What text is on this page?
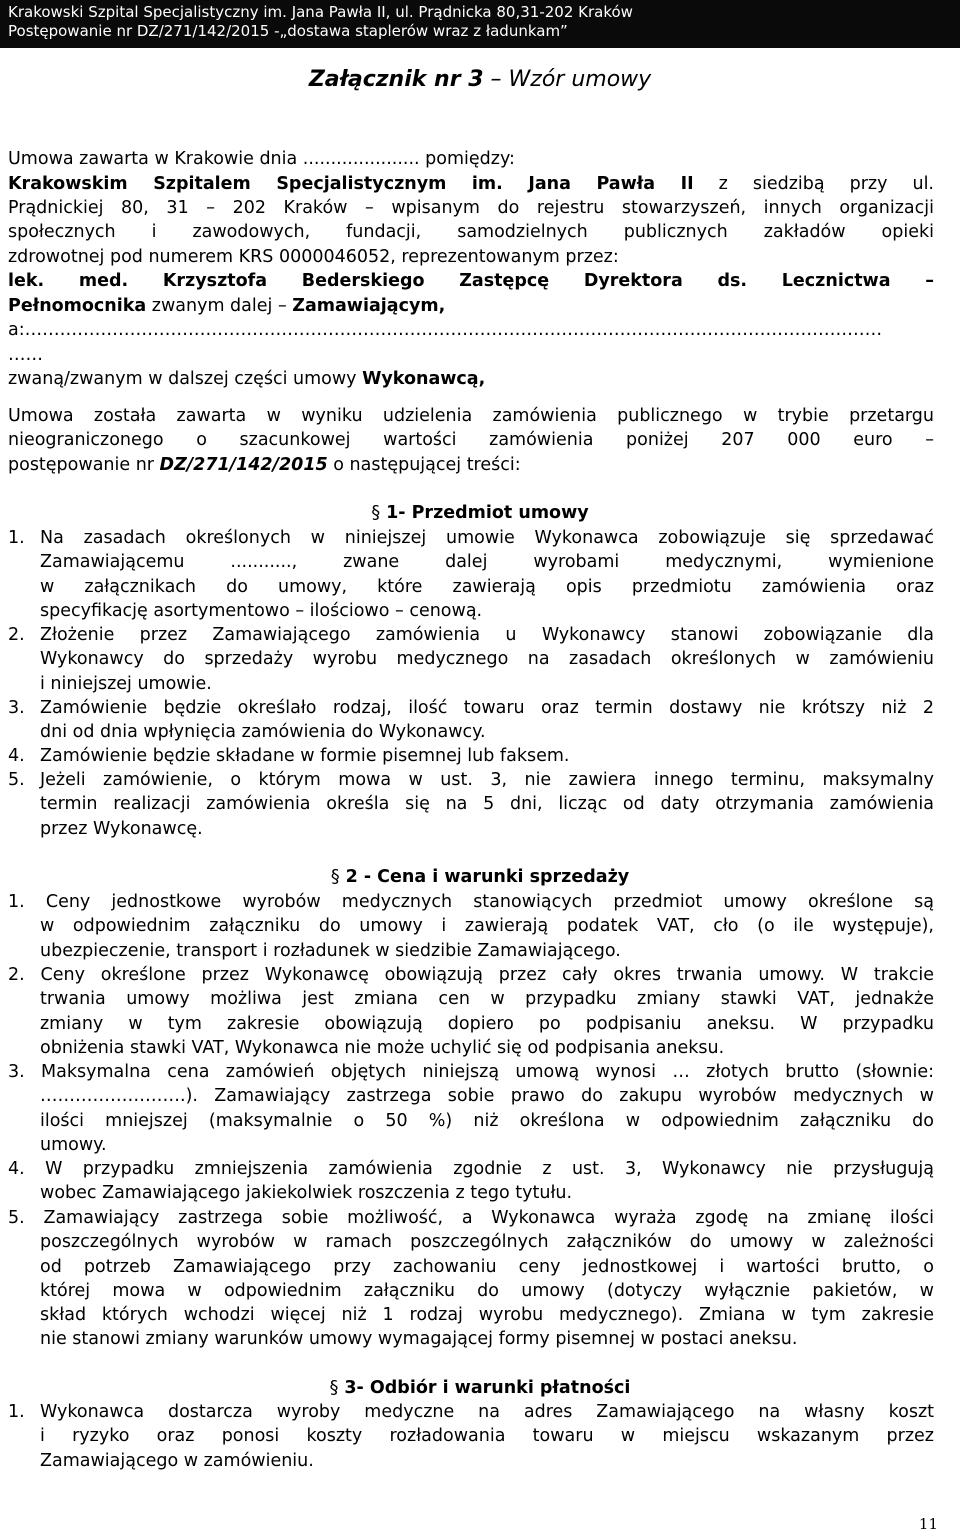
Krakowski Szpital Specjalistyczny im. Jana Pawła II, ul. Prądnicka 80,31-202 Kraków
Postępowanie nr DZ/271/142/2015 -„dostawa staplerów wraz z ładunkam”
Załącznik nr 3 – Wzór umowy
Umowa zawarta w Krakowie dnia ..................... pomiędzy:
Krakowskim Szpitalem Specjalistycznym im. Jana Pawła II z siedzibą przy ul.
Prądnickiej 80, 31 – 202 Kraków – wpisanym do rejestru stowarzyszeń, innych organizacji
społecznych i zawodowych, fundacji, samodzielnych publicznych zakładów opieki
zdrowotnej pod numerem KRS 0000046052, reprezentowanym przez:
lek. med. Krzysztofa Bederskiego Zastępcę Dyrektora ds. Lecznictwa –
Pełnomocnika zwanym dalej – Zamawiającym,
a:…………………………………………………………………………………………………………………………………
……
zwaną/zwanym w dalszej części umowy Wykonawcą,
Umowa została zawarta w wyniku udzielenia zamówienia publicznego w trybie przetargu
nieograniczonego o szacunkowej wartości zamówienia poniżej 207 000 euro –
postępowanie nr DZ/271/142/2015 o następującej treści:
§ 1- Przedmiot umowy
1. Na zasadach określonych w niniejszej umowie Wykonawca zobowiązuje się sprzedawać
Zamawiającemu ..........., zwane dalej wyrobami medycznymi, wymienione
w załącznikach do umowy, które zawierają opis przedmiotu zamówienia oraz
specyfikację asortymentowo – ilościowo – cenową.
2. Złożenie przez Zamawiającego zamówienia u Wykonawcy stanowi zobowiązanie dla
Wykonawcy do sprzedaży wyrobu medycznego na zasadach określonych w zamówieniu
i niniejszej umowie.
3. Zamówienie będzie określało rodzaj, ilość towaru oraz termin dostawy nie krótszy niż 2
dni od dnia wpłynięcia zamówienia do Wykonawcy.
4. Zamówienie będzie składane w formie pisemnej lub faksem.
5. Jeżeli zamówienie, o którym mowa w ust. 3, nie zawiera innego terminu, maksymalny
termin realizacji zamówienia określa się na 5 dni, licząc od daty otrzymania zamówienia
przez Wykonawcę.
§ 2 - Cena i warunki sprzedaży
1. Ceny jednostkowe wyrobów medycznych stanowiących przedmiot umowy określone są
w odpowiednim załączniku do umowy i zawierają podatek VAT, cło (o ile występuje),
ubezpieczenie, transport i rozładunek w siedzibie Zamawiającego.
2. Ceny określone przez Wykonawcę obowiązują przez cały okres trwania umowy. W trakcie
trwania umowy możliwa jest zmiana cen w przypadku zmiany stawki VAT, jednakże
zmiany w tym zakresie obowiązują dopiero po podpisaniu aneksu. W przypadku
obniżenia stawki VAT, Wykonawca nie może uchylić się od podpisania aneksu.
3. Maksymalna cena zamówień objętych niniejszą umową wynosi … złotych brutto (słownie:
…………………….). Zamawiający zastrzega sobie prawo do zakupu wyrobów medycznych w
ilości mniejszej (maksymalnie o 50 %) niż określona w odpowiednim załączniku do
umowy.
4. W przypadku zmniejszenia zamówienia zgodnie z ust. 3, Wykonawcy nie przysługują
wobec Zamawiającego jakiekolwiek roszczenia z tego tytułu.
5. Zamawiający zastrzega sobie możliwość, a Wykonawca wyraża zgodę na zmianę ilości
poszczególnych wyrobów w ramach poszczególnych załączników do umowy w zależności
od potrzeb Zamawiającego przy zachowaniu ceny jednostkowej i wartości brutto, o
której mowa w odpowiednim załączniku do umowy (dotyczy wyłącznie pakietów, w
skład których wchodzi więcej niż 1 rodzaj wyrobu medycznego). Zmiana w tym zakresie
nie stanowi zmiany warunków umowy wymagającej formy pisemnej w postaci aneksu.
§ 3- Odbiór i warunki płatności
1. Wykonawca dostarcza wyroby medyczne na adres Zamawiającego na własny koszt
i ryzyko oraz ponosi koszty rozładowania towaru w miejscu wskazanym przez
Zamawiającego w zamówieniu.
11
